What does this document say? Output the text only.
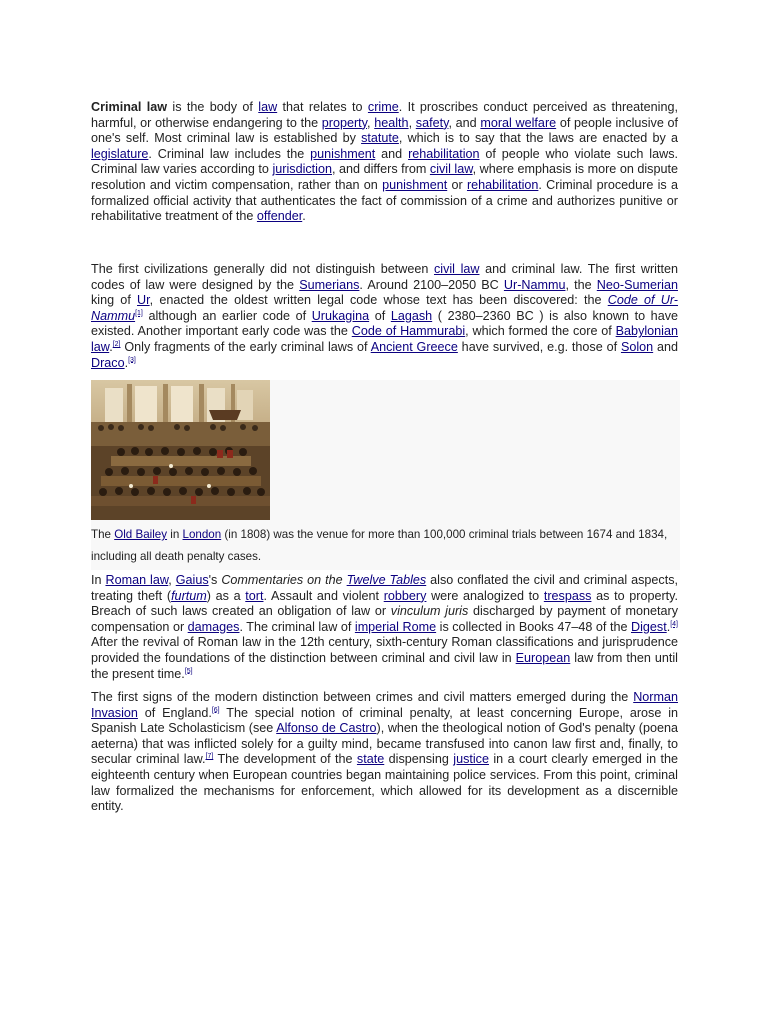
Criminal law is the body of law that relates to crime. It proscribes conduct perceived as threatening, harmful, or otherwise endangering to the property, health, safety, and moral welfare of people inclusive of one's self. Most criminal law is established by statute, which is to say that the laws are enacted by a legislature. Criminal law includes the punishment and rehabilitation of people who violate such laws. Criminal law varies according to jurisdiction, and differs from civil law, where emphasis is more on dispute resolution and victim compensation, rather than on punishment or rehabilitation. Criminal procedure is a formalized official activity that authenticates the fact of commission of a crime and authorizes punitive or rehabilitative treatment of the offender.

The first civilizations generally did not distinguish between civil law and criminal law. The first written codes of law were designed by the Sumerians. Around 2100–2050 BC Ur-Nammu, the Neo-Sumerian king of Ur, enacted the oldest written legal code whose text has been discovered: the Code of Ur-Nammu[1] although an earlier code of Urukagina of Lagash ( 2380–2360 BC ) is also known to have existed. Another important early code was the Code of Hammurabi, which formed the core of Babylonian law.[2] Only fragments of the early criminal laws of Ancient Greece have survived, e.g. those of Solon and Draco.[3]

The Old Bailey in London (in 1808) was the venue for more than 100,000 criminal trials between 1674 and 1834, including all death penalty cases.

In Roman law, Gaius's Commentaries on the Twelve Tables also conflated the civil and criminal aspects, treating theft (furtum) as a tort. Assault and violent robbery were analogized to trespass as to property. Breach of such laws created an obligation of law or vinculum juris discharged by payment of monetary compensation or damages. The criminal law of imperial Rome is collected in Books 47–48 of the Digest.[4] After the revival of Roman law in the 12th century, sixth-century Roman classifications and jurisprudence provided the foundations of the distinction between criminal and civil law in European law from then until the present time.[5]

The first signs of the modern distinction between crimes and civil matters emerged during the Norman Invasion of England.[6] The special notion of criminal penalty, at least concerning Europe, arose in Spanish Late Scholasticism (see Alfonso de Castro), when the theological notion of God's penalty (poena aeterna) that was inflicted solely for a guilty mind, became transfused into canon law first and, finally, to secular criminal law.[7] The development of the state dispensing justice in a court clearly emerged in the eighteenth century when European countries began maintaining police services. From this point, criminal law formalized the mechanisms for enforcement, which allowed for its development as a discernible entity.
